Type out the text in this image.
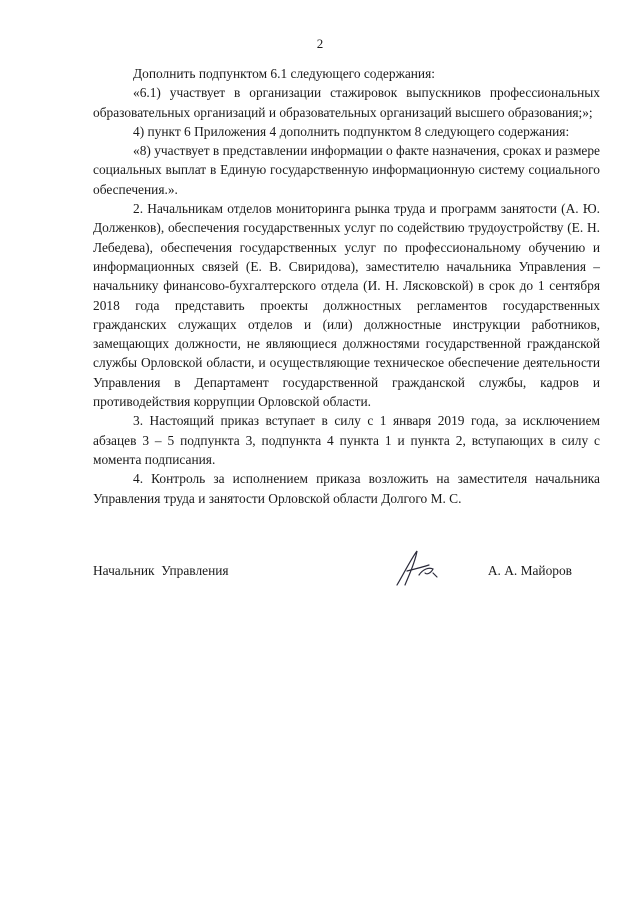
2

Дополнить подпунктом 6.1 следующего содержания:

«6.1) участвует в организации стажировок выпускников профессиональных образовательных организаций и образовательных организаций высшего образования;»;

4) пункт 6 Приложения 4 дополнить подпунктом 8 следующего содержания:

«8) участвует в представлении информации о факте назначения, сроках и размере социальных выплат в Единую государственную информационную систему социального обеспечения.».

2. Начальникам отделов мониторинга рынка труда и программ занятости (А. Ю. Долженков), обеспечения государственных услуг по содействию трудоустройству (Е. Н. Лебедева), обеспечения государственных услуг по профессиональному обучению и информационных связей (Е. В. Свиридова), заместителю начальника Управления – начальнику финансово-бухгалтерского отдела (И. Н. Лясковской) в срок до 1 сентября 2018 года представить проекты должностных регламентов государственных гражданских служащих отделов и (или) должностные инструкции работников, замещающих должности, не являющиеся должностями государственной гражданской службы Орловской области, и осуществляющие техническое обеспечение деятельности Управления в Департамент государственной гражданской службы, кадров и противодействия коррупции Орловской области.

3. Настоящий приказ вступает в силу с 1 января 2019 года, за исключением абзацев 3 – 5 подпункта 3, подпункта 4 пункта 1 и пункта 2, вступающих в силу с момента подписания.

4. Контроль за исполнением приказа возложить на заместителя начальника Управления труда и занятости Орловской области Долгого М. С.

Начальник  Управления	А. А. Майоров
